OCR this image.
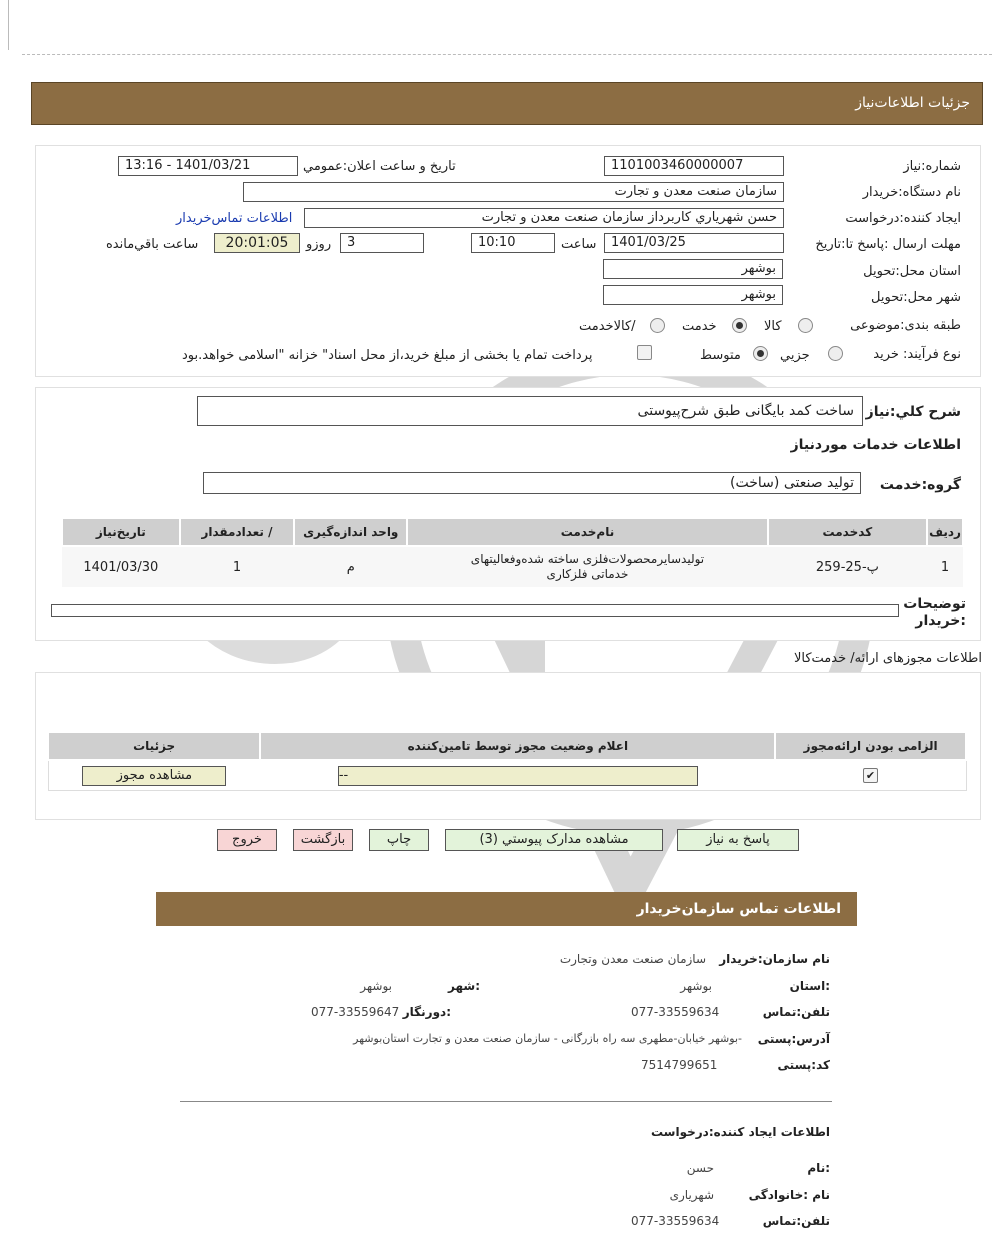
جزئيات اطلاعات‌نياز
شماره:نياز
1101003460000007
تاريخ و ساعت اعلان:عمومي
1401/03/21 - 13:16
نام دستگاه:خريدار
سازمان صنعت معدن و تجارت
ايجاد کننده:درخواست
حسن شهرياري کاربرداز سازمان صنعت معدن و تجارت
اطلاعات تماس‌خريدار
مهلت ارسال :پاسخ تا:تاريخ
1401/03/25
ساعت
10:10
3
روزو
20:01:05
ساعت باقي‌مانده
استان محل:تحويل
بوشهر
شهر محل:تحويل
بوشهر
طبقه بندی:موضوعی
کالا
خدمت
/کالاخدمت
نوع فرآيند: خريد
جزيي
متوسط
پرداخت تمام يا بخشی از مبلغ خريد،از محل اسناد" خزانه "اسلامی خواهد.بود
شرح کلي:نياز
ساخت کمد بايگانی طبق شرح‌پيوستی
اطلاعات خدمات موردنياز
گروه:خدمت
توليد صنعتی (ساخت)
رديف	کدخدمت	نام‌خدمت	واحد اندازه‌گيری	/ تعدادمقدار	تاريخ‌نياز
1	پ-25-259	توليدسايرمحصولات‌فلزی ساخته شده‌وفعاليتهای خدماتی فلزکاری	م	1	1401/03/30
توضيحات :خريدار
اطلاعات مجوزهای ارائه/ خدمت‌کالا
الزامی بودن ارائه‌مجوز	اعلام وضعيت مجوز توسط تامين‌کننده	جزئيات
✔	--	مشاهده مجوز
پاسخ به نياز
مشاهده مدارک پيوستي (3)
چاپ
بازگشت
خروج
اطلاعات تماس سازمان‌خريدار
نام سازمان:خريدار
سازمان صنعت معدن وتجارت
:استان
بوشهر
:شهر
بوشهر
تلفن:تماس
077-33559634
:دورنگار
077-33559647
آدرس:پستی
-بوشهر خيابان-مطهری سه راه بازرگانی - سازمان صنعت معدن و تجارت استان‌بوشهر
کد:پستی
7514799651
اطلاعات ايجاد کننده:درخواست
:نام
حسن
نام :خانوادگی
شهرياری
تلفن:تماس
077-33559634
